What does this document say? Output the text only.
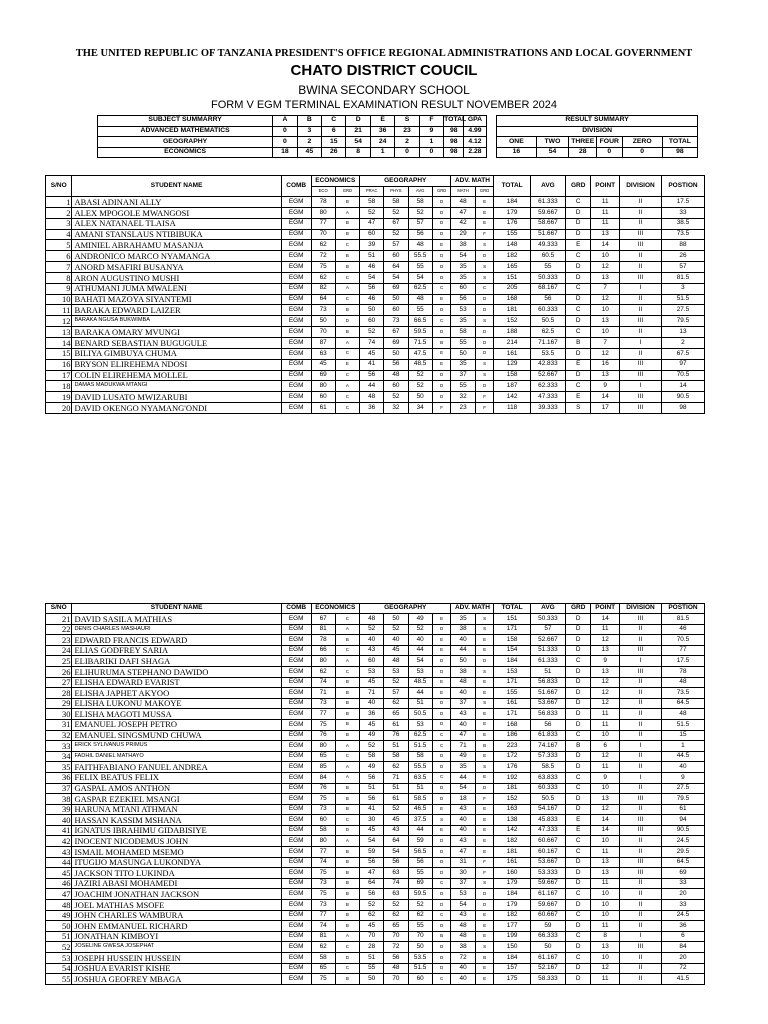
THE UNITED REPUBLIC OF TANZANIA PRESIDENT'S OFFICE REGIONAL ADMINISTRATIONS AND LOCAL GOVERNMENT
CHATO DISTRICT COUCIL
BWINA SECONDARY SCHOOL
FORM V EGM TERMINAL EXAMINATION RESULT NOVEMBER 2024
SUBJECT SUMMARRY	A	B	C	D	E	S	F	TOTAL	GPA		RESULT SUMMARY					
ADVANCED MATHEMATICS	0	3	6	21	36	23	9	98	4.99		DIVISION					
GEOGRAPHY	0	2	15	54	24	2	1	98	4.12		ONE	TWO	THREE	FOUR	ZERO	TOTAL
ECONOMICS	18	45	26	8	1	0	0	98	2.28		16	54	28	0	0	98
S/NO	STUDENT NAME	COMB	ECONOMICS		GEOGRAPHY				ADV. MATH		TOTAL	AVG	GRD	POINT	DIVISION	POSTION
			ECO	GRD	PRAC	PHYS	AVG	GRD	MATH	GRD						
1	ABASI ADINANI ALLY	EGM	78	B	58	58	58	D	48	E	184	61.333	C	11	II	17.5
2	ALEX MPOGOLE MWANGOSI	EGM	80	A	52	52	52	D	47	E	179	59.667	D	11	II	33
3	ALEX NATANAEL TLAISA	EGM	77	B	47	67	57	D	42	E	176	58.667	D	11	II	38.5
4	AMANI STANSLAUS NTIBIBUKA	EGM	70	B	60	52	56	D	29	F	155	51.667	D	13	III	73.5
5	AMINIEL ABRAHAMU MASANJA	EGM	62	C	39	57	48	E	38	S	148	49.333	E	14	III	88
6	ANDRONICO MARCO NYAMANGA	EGM	72	B	51	60	55.5	D	54	D	182	60.5	C	10	II	26
7	ANORD MSAFIRI BUSANYA	EGM	75	B	46	64	55	D	35	S	165	55	D	12	II	57
8	ARON AUGUSTINO MUSHI	EGM	62	C	54	54	54	D	35	S	151	50.333	D	13	III	81.5
9	ATHUMANI JUMA MWALENI	EGM	82	A	56	69	62.5	C	60	C	205	68.167	C	7	I	3
10	BAHATI MAZOYA SIYANTEMI	EGM	64	C	46	50	48	E	56	D	168	56	D	12	II	51.5
11	BARAKA EDWARD LAIZER	EGM	73	B	50	60	55	D	53	D	181	60.333	C	10	II	27.5
12	BARAKA NGUSA BUKWIMBA	EGM	50	D	60	73	66.5	C	35	S	152	50.5	D	13	III	79.5
13	BARAKA OMARY MVUNGI	EGM	70	B	52	67	59.5	D	58	D	188	62.5	C	10	II	13
14	BENARD SEBASTIAN BUGUGULE	EGM	87	A	74	69	71.5	B	55	D	214	71.167	B	7	I	2
15	BILIYA GIMBUYA CHUMA	EGM	63	C	45	50	47.5	E	50	D	161	53.5	D	12	II	67.5
16	BRYSON ELIREHEMA NDOSI	EGM	45	E	41	56	48.5	E	35	S	129	42.833	E	16	III	97
17	COLIN ELIREHEMA MOLLEL	EGM	69	C	56	48	52	D	37	S	158	52.667	D	13	III	70.5
18	DAMAS MADUKWA MTANGI	EGM	80	A	44	60	52	D	55	D	187	62.333	C	9	I	14
19	DAVID LUSATO MWIZARUBI	EGM	60	C	48	52	50	D	32	F	142	47.333	E	14	III	90.5
20	DAVID OKENGO NYAMANG'ONDI	EGM	61	C	36	32	34	F	23	F	118	39.333	S	17	III	98
S/NO	STUDENT NAME	COMB	ECONOMICS		GEOGRAPHY				ADV. MATH		TOTAL	AVG	GRD	POINT	DIVISION	POSTION
21	DAVID SASILA MATHIAS	EGM	67	C	48	50	49	E	35	S	151	50.333	D	14	III	81.5
22	DENIS CHARLES MASHAURI	EGM	81	A	52	52	52	D	38	S	171	57	D	11	II	46
23	EDWARD FRANCIS EDWARD	EGM	78	B	40	40	40	E	40	E	158	52.667	D	12	II	70.5
24	ELIAS GODFREY SARIA	EGM	66	C	43	45	44	E	44	E	154	51.333	D	13	III	77
25	ELIBARIKI DAFI SHAGA	EGM	80	A	60	48	54	D	50	D	184	61.333	C	9	I	17.5
26	ELIHURUMA STEPHANO DAWIDO	EGM	62	C	53	53	53	D	38	S	153	51	D	13	III	78
27	ELISHA EDWARD EVARIST	EGM	74	B	45	52	48.5	E	48	E	171	56.833	D	12	II	48
28	ELISHA JAPHET AKYOO	EGM	71	B	71	57	44	E	40	E	155	51.667	D	12	II	73.5
29	ELISHA LUKONU MAKOYE	EGM	73	B	40	62	51	D	37	S	161	53.667	D	12	II	64.5
30	ELISHA MAGOTI MUSSA	EGM	77	B	36	65	50.5	D	43	E	171	56.833	D	11	II	48
31	EMANUEL JOSEPH PETRO	EGM	75	B	45	61	53	D	40	E	168	56	D	11	II	51.5
32	EMANUEL SINGSMUND CHUWA	EGM	76	B	49	76	62.5	C	47	E	186	61.833	C	10	II	15
33	ERICK SYLIVANUS PRIMUS	EGM	80	A	52	51	51.5	C	71	B	223	74.167	B	6	I	1
34	FADHIL DANIEL MATHAYO	EGM	65	C	58	58	58	D	49	E	172	57.333	D	12	II	44.5
35	FAITHFABIANO FANUEL ANDREA	EGM	85	A	49	62	55.5	D	35	S	176	58.5	D	11	II	40
36	FELIX BEATUS FELIX	EGM	84	A	56	71	63.5	C	44	E	192	63.833	C	9	I	9
37	GASPAL AMOS ANTHON	EGM	76	B	51	51	51	D	54	D	181	60.333	C	10	II	27.5
38	GASPAR EZEKIEL MSANGI	EGM	75	B	56	61	58.5	D	18	F	152	50.5	D	13	III	79.5
39	HARUNA MTANI ATHMAN	EGM	73	B	41	52	46.5	E	43	E	163	54.167	D	12	II	61
40	HASSAN KASSIM MSHANA	EGM	60	C	30	45	37.5	S	40	E	138	45.833	E	14	III	94
41	IGNATUS IBRAHIMU GIDABISIYE	EGM	58	D	45	43	44	E	40	E	142	47.333	E	14	III	90.5
42	INOCENT NICODEMUS JOHN	EGM	80	A	54	64	59	D	43	E	182	60.667	C	10	II	24.5
43	ISMAIL MOHAMED MSEMO	EGM	77	B	59	54	56.5	D	47	E	181	60.167	C	11	II	29.5
44	ITUGIJO MASUNGA LUKONDYA	EGM	74	B	56	56	56	D	31	F	161	53.667	D	13	III	64.5
45	JACKSON TITO LUKINDA	EGM	75	B	47	63	55	D	30	F	160	53.333	D	13	III	69
46	JAZIRI ABASI MOHAMEDI	EGM	73	B	64	74	69	C	37	S	179	59.667	D	11	II	33
47	JOACHIM JONATHAN JACKSON	EGM	75	B	56	63	59.5	D	53	D	184	61.167	C	10	II	20
48	JOEL MATHIAS MSOFE	EGM	73	B	52	52	52	D	54	D	179	59.667	D	10	II	33
49	JOHN CHARLES WAMBURA	EGM	77	B	62	62	62	C	43	E	182	60.667	C	10	II	24.5
50	JOHN EMMANUEL RICHARD	EGM	74	B	45	65	55	D	48	E	177	59	D	11	II	36
51	JONATHAN KIMBOYI	EGM	81	A	70	70	70	B	48	E	199	66.333	C	8	I	6
52	JOSELINE GWESA JOSEPHAT	EGM	62	C	28	72	50	D	38	S	150	50	D	13	III	84
53	JOSEPH HUSSEIN HUSSEIN	EGM	58	D	51	56	53.5	D	72	B	184	61.167	C	10	II	20
54	JOSHUA EVARIST KISHE	EGM	65	C	55	48	51.5	D	40	E	157	52.167	D	12	II	72
55	JOSHUA GEOFREY MBAGA	EGM	75	B	50	70	60	C	40	E	175	58.333	D	11	II	41.5
